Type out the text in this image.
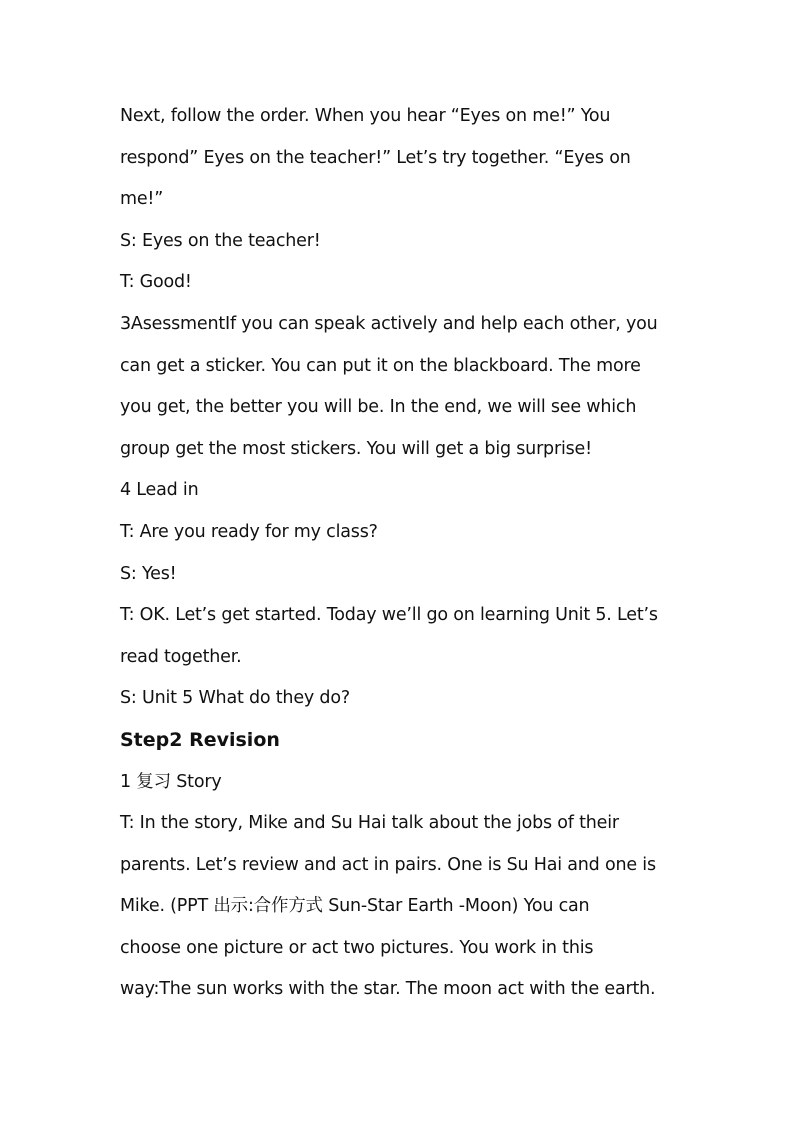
Next, follow the order. When you hear “Eyes on me!” You
respond” Eyes on the teacher!” Let’s try together. “Eyes on
me!”
S: Eyes on the teacher!
T: Good!
3AsessmentIf you can speak actively and help each other, you
can get a sticker. You can put it on the blackboard. The more
you get, the better you will be. In the end, we will see which
group get the most stickers. You will get a big surprise!
4 Lead in
T: Are you ready for my class?
S: Yes!
T: OK. Let’s get started. Today we’ll go on learning Unit 5. Let’s
read together.
S: Unit 5 What do they do?
Step2 Revision
1 复习 Story
T: In the story, Mike and Su Hai talk about the jobs of their
parents. Let’s review and act in pairs. One is Su Hai and one is
Mike. (PPT 出示:合作方式 Sun-Star Earth -Moon) You can
choose one picture or act two pictures. You work in this
way:The sun works with the star. The moon act with the earth.
